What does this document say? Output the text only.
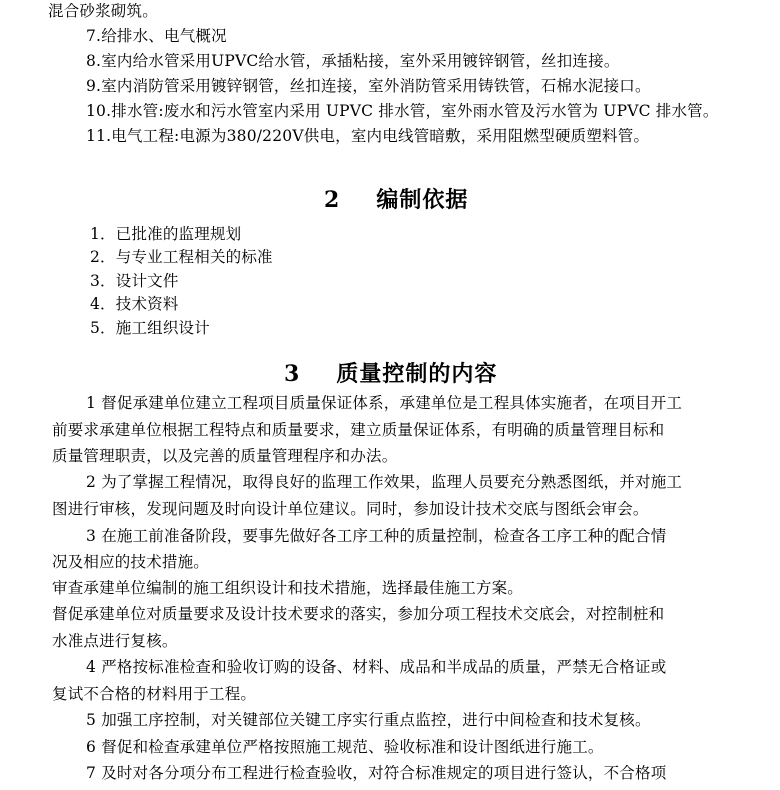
混合砂浆砌筑。
7.给排水、电气概况
8.室内给水管采用UPVC给水管，承插粘接，室外采用镀锌钢管，丝扣连接。
9.室内消防管采用镀锌钢管，丝扣连接，室外消防管采用铸铁管，石棉水泥接口。
10.排水管:废水和污水管室内采用 UPVC 排水管，室外雨水管及污水管为 UPVC 排水管。
11.电气工程:电源为380/220V供电，室内电线管暗敷，采用阻燃型硬质塑料管。
2 编制依据
1．已批准的监理规划
2．与专业工程相关的标准
3．设计文件
4．技术资料
5．施工组织设计
3 质量控制的内容
1 督促承建单位建立工程项目质量保证体系，承建单位是工程具体实施者，在项目开工
前要求承建单位根据工程特点和质量要求，建立质量保证体系，有明确的质量管理目标和
质量管理职责，以及完善的质量管理程序和办法。
2 为了掌握工程情况，取得良好的监理工作效果，监理人员要充分熟悉图纸，并对施工
图进行审核，发现问题及时向设计单位建议。同时，参加设计技术交底与图纸会审会。
3 在施工前准备阶段，要事先做好各工序工种的质量控制，检查各工序工种的配合情
况及相应的技术措施。
审查承建单位编制的施工组织设计和技术措施，选择最佳施工方案。
督促承建单位对质量要求及设计技术要求的落实，参加分项工程技术交底会，对控制桩和
水准点进行复核。
4 严格按标准检查和验收订购的设备、材料、成品和半成品的质量，严禁无合格证或
复试不合格的材料用于工程。
5 加强工序控制，对关键部位关键工序实行重点监控，进行中间检查和技术复核。
6 督促和检查承建单位严格按照施工规范、验收标准和设计图纸进行施工。
7 及时对各分项分布工程进行检查验收，对符合标准规定的项目进行签认，不合格项
